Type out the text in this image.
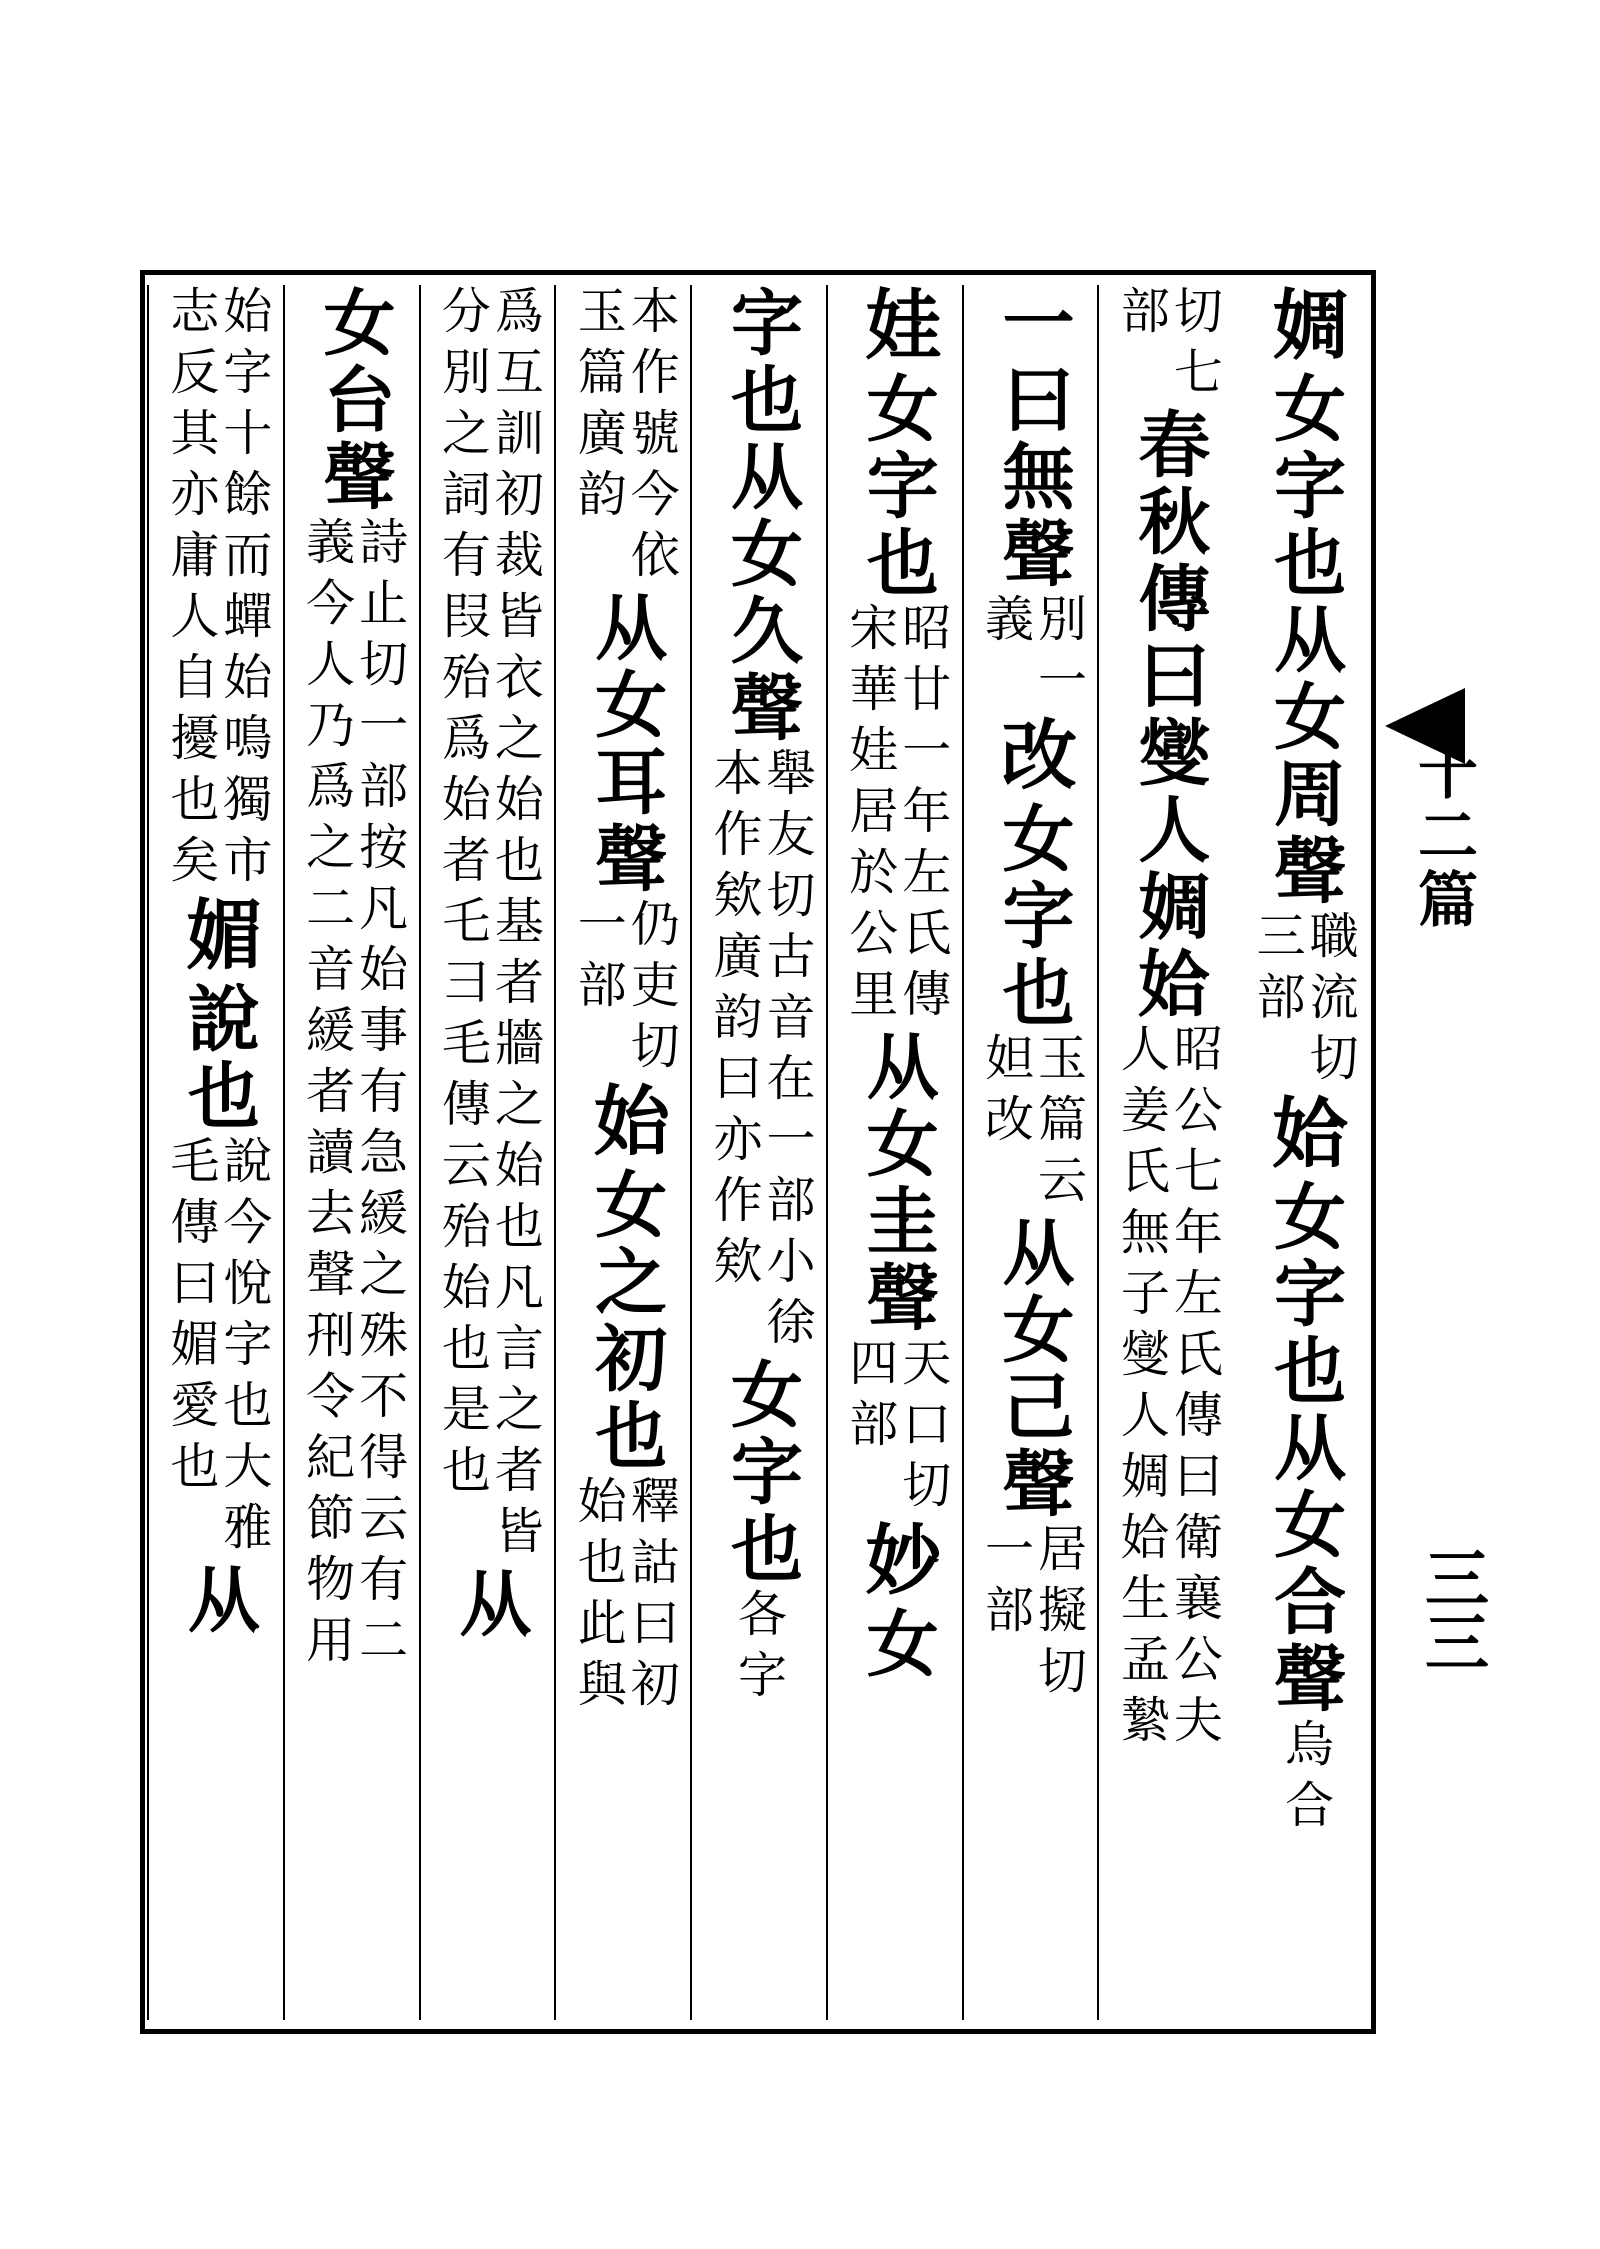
十二篇
三三
婤
女字也从女周聲
職流切
三部
姶
女字也从女合聲
烏合
切七
部
春秋傳曰燮人婤姶
昭公七年左氏傳曰衛襄公夫
人姜氏無子燮人婤姶生孟縶
一曰無聲
別一
義
改
女字也
玉篇云
妲改
从女己聲
居擬切
一部
娃
女字也
昭廿一年左氏傳
宋華娃居於公里
从女圭聲
天口切
四部
妙
女
字也从女久聲
舉友切古音在一部小徐
本作欸廣韵曰亦作欸
女字也
各字
本作號今依
玉篇廣韵
从女耳聲
仍吏切
一部
始
女之初也
釋詁曰初
始也此與
爲互訓初裁皆衣之始也基者牆之始也凡言之者皆
分別之詞有叚殆爲始者乇彐毛傳云殆始也是也
从
女台聲
詩止切一部按凡始事有急緩之殊不得云有二
義今人乃爲之二音緩者讀去聲𠛬令紀節物用
始字十餘而蟬始鳴獨市
志反其亦庸人自擾也矣
媚
說也
說今悅字也大雅
毛傳曰媚愛也
从
